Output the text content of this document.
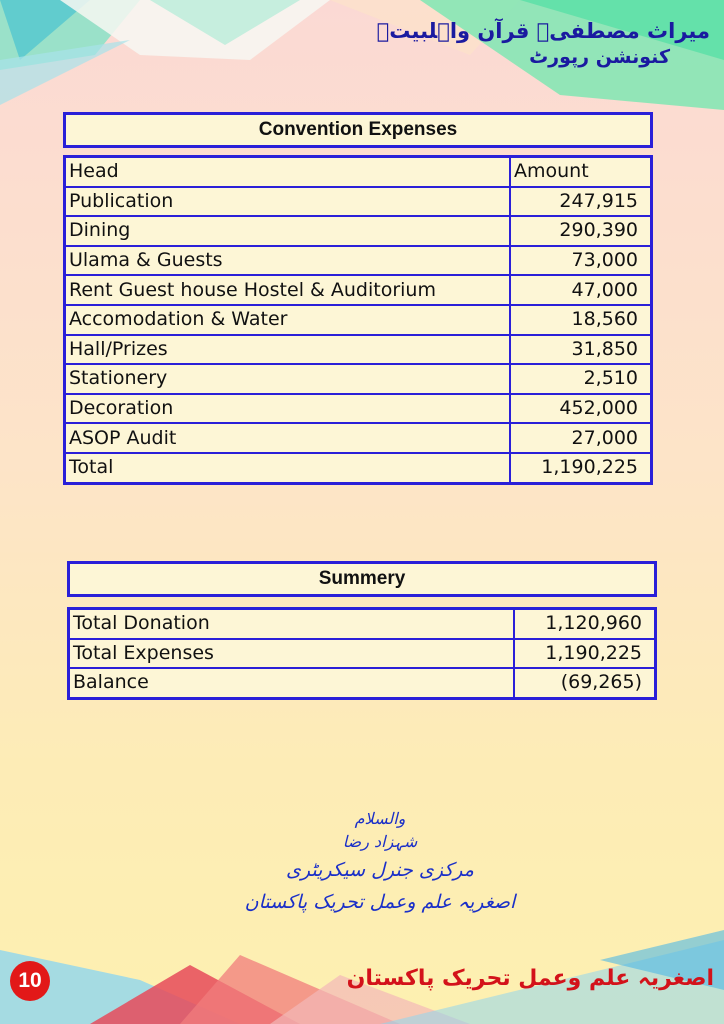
میراث مصطفیؐ قرآن واہلبیتؑ
کنونشن رپورٹ
Convention Expenses
Head	Amount
Publication	247,915
Dining	290,390
Ulama & Guests	73,000
Rent Guest house Hostel & Auditorium	47,000
Accomodation & Water	18,560
Hall/Prizes	31,850
Stationery	2,510
Decoration	452,000
ASOP Audit	27,000
Total	1,190,225
Summery
Total Donation	1,120,960
Total Expenses	1,190,225
Balance	(69,265)
والسلام
شہزاد رضا
مرکزی جنرل سیکریٹری
اصغریہ علم وعمل تحریک پاکستان
10	اصغریہ علم وعمل تحریک پاکستان
